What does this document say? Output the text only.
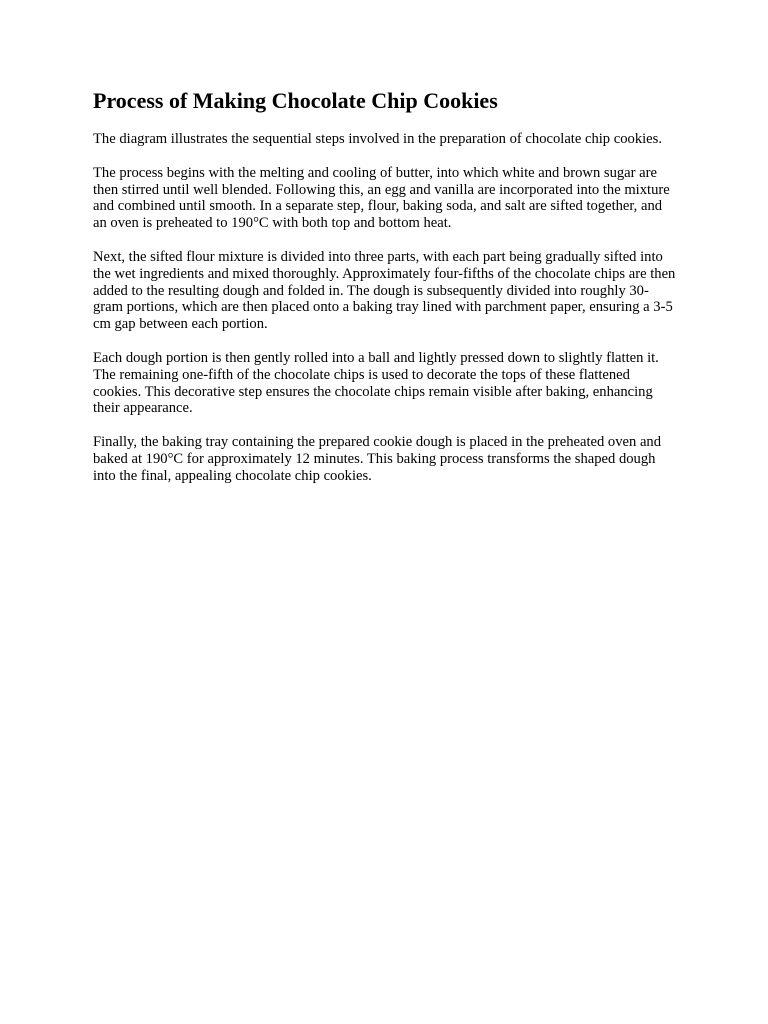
Process of Making Chocolate Chip Cookies

The diagram illustrates the sequential steps involved in the preparation of chocolate chip cookies.

The process begins with the melting and cooling of butter, into which white and brown sugar are then stirred until well blended. Following this, an egg and vanilla are incorporated into the mixture and combined until smooth. In a separate step, flour, baking soda, and salt are sifted together, and an oven is preheated to 190°C with both top and bottom heat.

Next, the sifted flour mixture is divided into three parts, with each part being gradually sifted into the wet ingredients and mixed thoroughly. Approximately four-fifths of the chocolate chips are then added to the resulting dough and folded in. The dough is subsequently divided into roughly 30-gram portions, which are then placed onto a baking tray lined with parchment paper, ensuring a 3-5 cm gap between each portion.

Each dough portion is then gently rolled into a ball and lightly pressed down to slightly flatten it. The remaining one-fifth of the chocolate chips is used to decorate the tops of these flattened cookies. This decorative step ensures the chocolate chips remain visible after baking, enhancing their appearance.

Finally, the baking tray containing the prepared cookie dough is placed in the preheated oven and baked at 190°C for approximately 12 minutes. This baking process transforms the shaped dough into the final, appealing chocolate chip cookies.
